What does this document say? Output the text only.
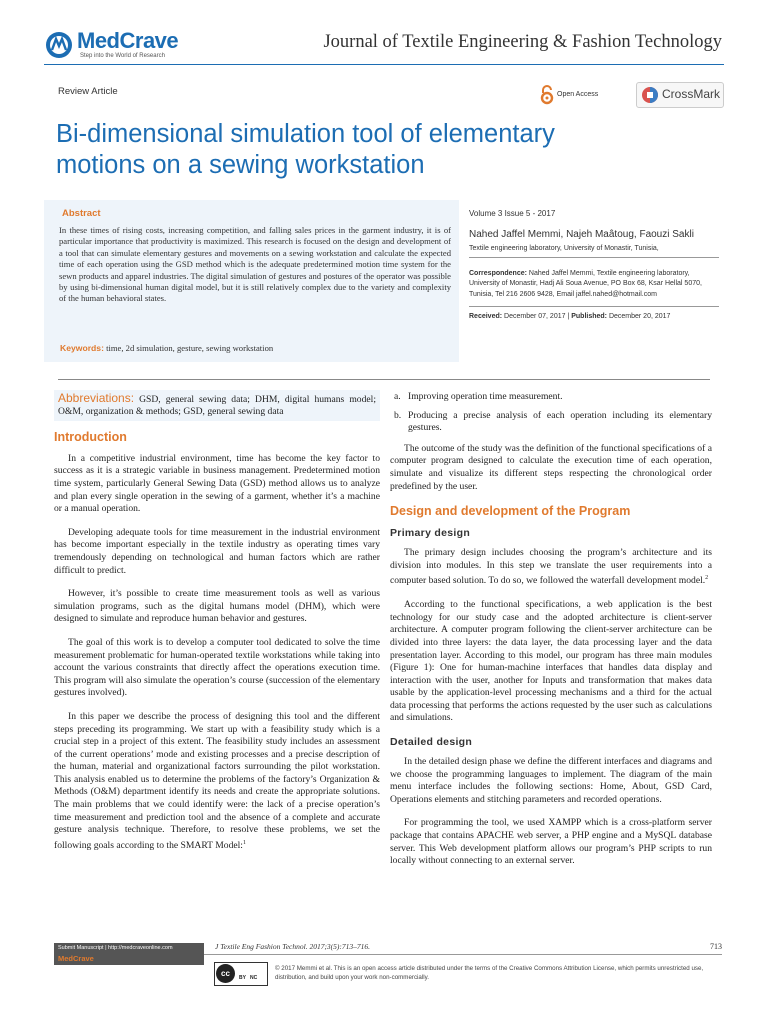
MedCrave
Step into the World of Research
Journal of Textile Engineering & Fashion Technology
Review Article	Open Access	CrossMark
Bi-dimensional simulation tool of elementary
motions on a sewing workstation
Abstract
In these times of rising costs, increasing competition, and falling sales prices in the garment industry, it is of particular importance that productivity is maximized. This research is focused on the design and development of a tool that can simulate elementary gestures and movements on a sewing workstation and calculate the expected time of each operation using the GSD method which is the adequate predetermined motion time system for the sewn products and apparel industries. The digital simulation of gestures and postures of the operator was possible by using bi-dimensional human digital model, but it is still relatively complex due to the variety and complexity of the human behavioral states.
Keywords: time, 2d simulation, gesture, sewing workstation
Volume 3 Issue 5 - 2017
Nahed Jaffel Memmi, Najeh Maâtoug, Faouzi Sakli
Textile engineering laboratory, University of Monastir, Tunisia,
Correspondence: Nahed Jaffel Memmi, Textile engineering laboratory, University of Monastir, Hadj Ali Soua Avenue, PO Box 68, Ksar Hellal 5070, Tunisia, Tel 216 2606 9428, Email jaffel.nahed@hotmail.com
Received: December 07, 2017 | Published: December 20, 2017
Abbreviations: GSD, general sewing data; DHM, digital humans model; O&M, organization & methods; GSD, general sewing data
Introduction

In a competitive industrial environment, time has become the key factor to success as it is a strategic variable in business management. Predetermined motion time system, particularly General Sewing Data (GSD) method allows us to analyze and plan every single operation in the sewing of a garment, whether it’s a machine or a manual operation.

Developing adequate tools for time measurement in the industrial environment has become important especially in the textile industry as operating times vary tremendously depending on technological and human factors which are rather difficult to predict.

However, it’s possible to create time measurement tools as well as various simulation programs, such as the digital humans model (DHM), which were designed to simulate and reproduce human behavior and gestures.

The goal of this work is to develop a computer tool dedicated to solve the time measurement problematic for human-operated textile workstations while taking into account the various constraints that directly affect the operations execution time. This program will also simulate the operation’s course (succession of the elementary gestures involved).

In this paper we describe the process of designing this tool and the different steps preceding its programming. We start up with a feasibility study which is a crucial step in a project of this extent. The feasibility study includes an assessment of the current operations’ mode and existing processes and a precise description of the human, material and organizational factors surrounding the pilot workstation. This analysis enabled us to determine the problems of the factory’s Organization & Methods (O&M) department identify its needs and create the appropriate solutions. The main problems that we could identify were: the lack of a precise operation’s time measurement and prediction tool and the absence of a complete and accurate gesture analysis technique. Therefore, to resolve these problems, we set the following goals according to the SMART Model:$^1$

a. Improving operation time measurement.
b. Producing a precise analysis of each operation including its elementary gestures.

The outcome of the study was the definition of the functional specifications of a computer program designed to calculate the execution time of each operation, simulate and visualize its different steps respecting the chronological order predefined by the user.

Design and development of the Program
Primary design

The primary design includes choosing the program’s architecture and its division into modules. In this step we translate the user requirements into a computer based solution. To do so, we followed the waterfall development model.$^2$

According to the functional specifications, a web application is the best technology for our study case and the adopted architecture is client-server architecture. A computer program following the client-server architecture can be divided into three layers: the data layer, the data processing layer and the data presentation layer. According to this model, our program has three main modules (Figure 1): One for human-machine interfaces that handles data display and interaction with the user, another for Inputs and transformation that makes data usable by the application-level processing mechanisms and a third for the actual data processing that performs the actions requested by the user such as calculations and simulations.

Detailed design

In the detailed design phase we define the different interfaces and diagrams and we choose the programming languages to implement. The diagram of the main menu interface includes the following sections: Home, About, GSD Card, Operations elements and stitching parameters and recorded operations.

For programming the tool, we used XAMPP which is a cross-platform server package that contains APACHE web server, a PHP engine and a MySQL database server. This Web development platform allows our program’s PHP scripts to run locally without connecting to an external server.

Submit Manuscript | http://medcraveonline.com
MedCrave
J Textile Eng Fashion Technol. 2017;3(5):713–716.	713
cc	BY   NC
© 2017 Memmi et al. This is an open access article distributed under the terms of the Creative Commons Attribution License, which permits unrestricted use, distribution, and build upon your work non-commercially.
